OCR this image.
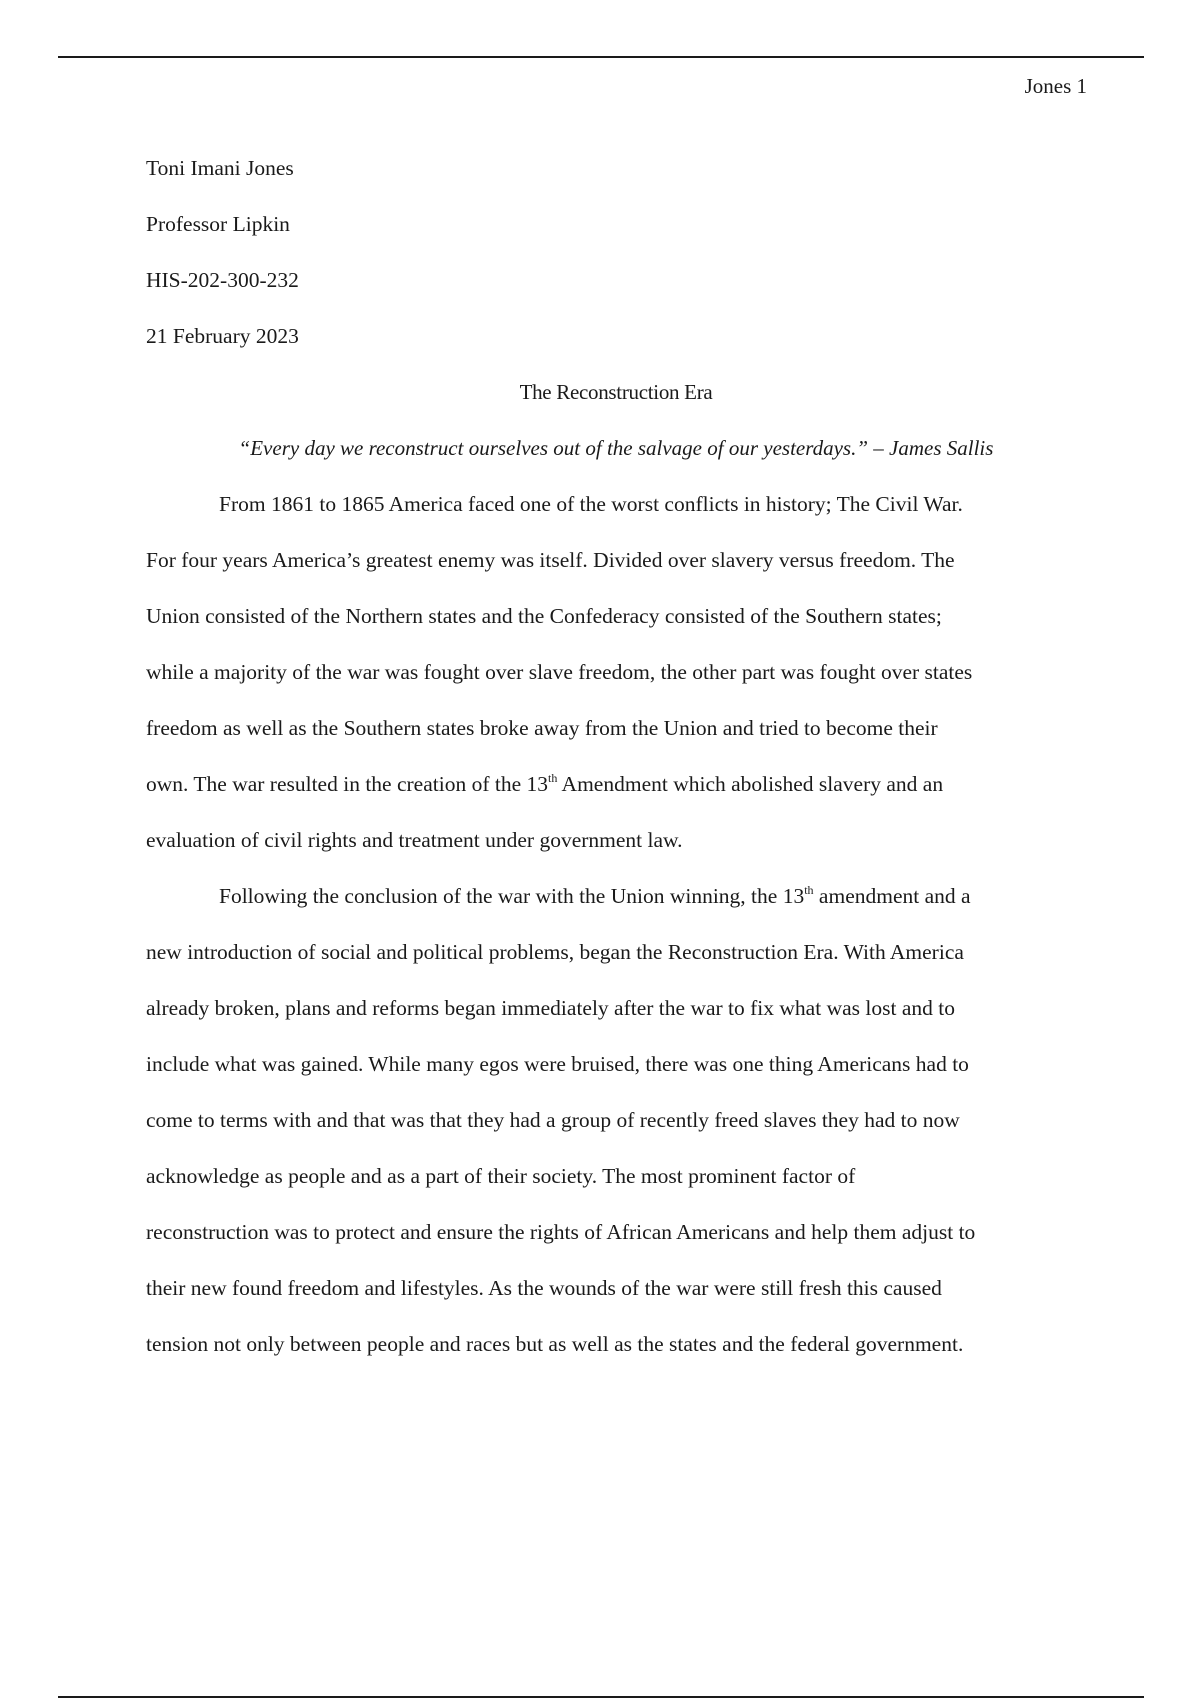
Jones 1

Toni Imani Jones

Professor Lipkin

HIS-202-300-232

21 February 2023

The Reconstruction Era

“Every day we reconstruct ourselves out of the salvage of our yesterdays.” – James Sallis

From 1861 to 1865 America faced one of the worst conflicts in history; The Civil War.
For four years America’s greatest enemy was itself. Divided over slavery versus freedom. The
Union consisted of the Northern states and the Confederacy consisted of the Southern states;
while a majority of the war was fought over slave freedom, the other part was fought over states
freedom as well as the Southern states broke away from the Union and tried to become their
own. The war resulted in the creation of the 13th Amendment which abolished slavery and an
evaluation of civil rights and treatment under government law.
Following the conclusion of the war with the Union winning, the 13th amendment and a
new introduction of social and political problems, began the Reconstruction Era. With America
already broken, plans and reforms began immediately after the war to fix what was lost and to
include what was gained. While many egos were bruised, there was one thing Americans had to
come to terms with and that was that they had a group of recently freed slaves they had to now
acknowledge as people and as a part of their society. The most prominent factor of
reconstruction was to protect and ensure the rights of African Americans and help them adjust to
their new found freedom and lifestyles. As the wounds of the war were still fresh this caused
tension not only between people and races but as well as the states and the federal government.
